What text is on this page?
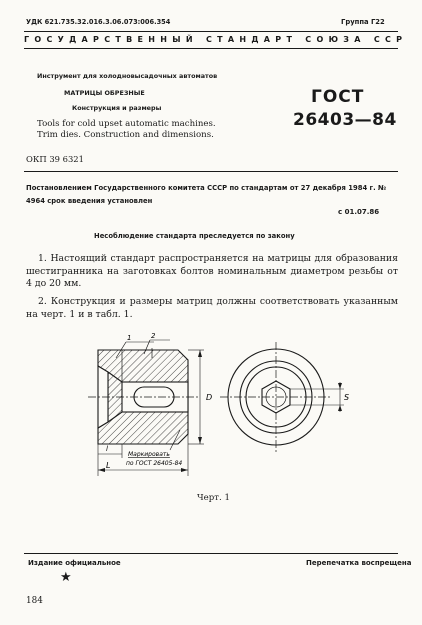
УДК 621.735.32.016.3.06.073:006.354	Группа Г22
ГОСУДАРСТВЕННЫЙ СТАНДАРТ СОЮЗА ССР
Инструмент для холодновысадочных автоматов
МАТРИЦЫ ОБРЕЗНЫЕ
Конструкция и размеры
Tools for cold upset automatic machines.
Trim dies. Construction and dimensions.
ГОСТ
26403—84
ОКП 39 6321
Постановлением Государственного комитета СССР по стандартам от 27 декабря 1984 г. № 4964 срок введения установлен
с 01.07.86
Несоблюдение стандарта преследуется по закону
1. Настоящий стандарт распространяется на матрицы для образования шестигранника на заготовках болтов номинальным диаметром резьбы от 4 до 20 мм.
2. Конструкция и размеры матриц должны соответствовать указанным на черт. 1 и в табл. 1.
1	2
D
l
L
Маркировать
по ГОСТ 26405-84
S
Черт. 1
Издание официальное
★
Перепечатка воспрещена
184
